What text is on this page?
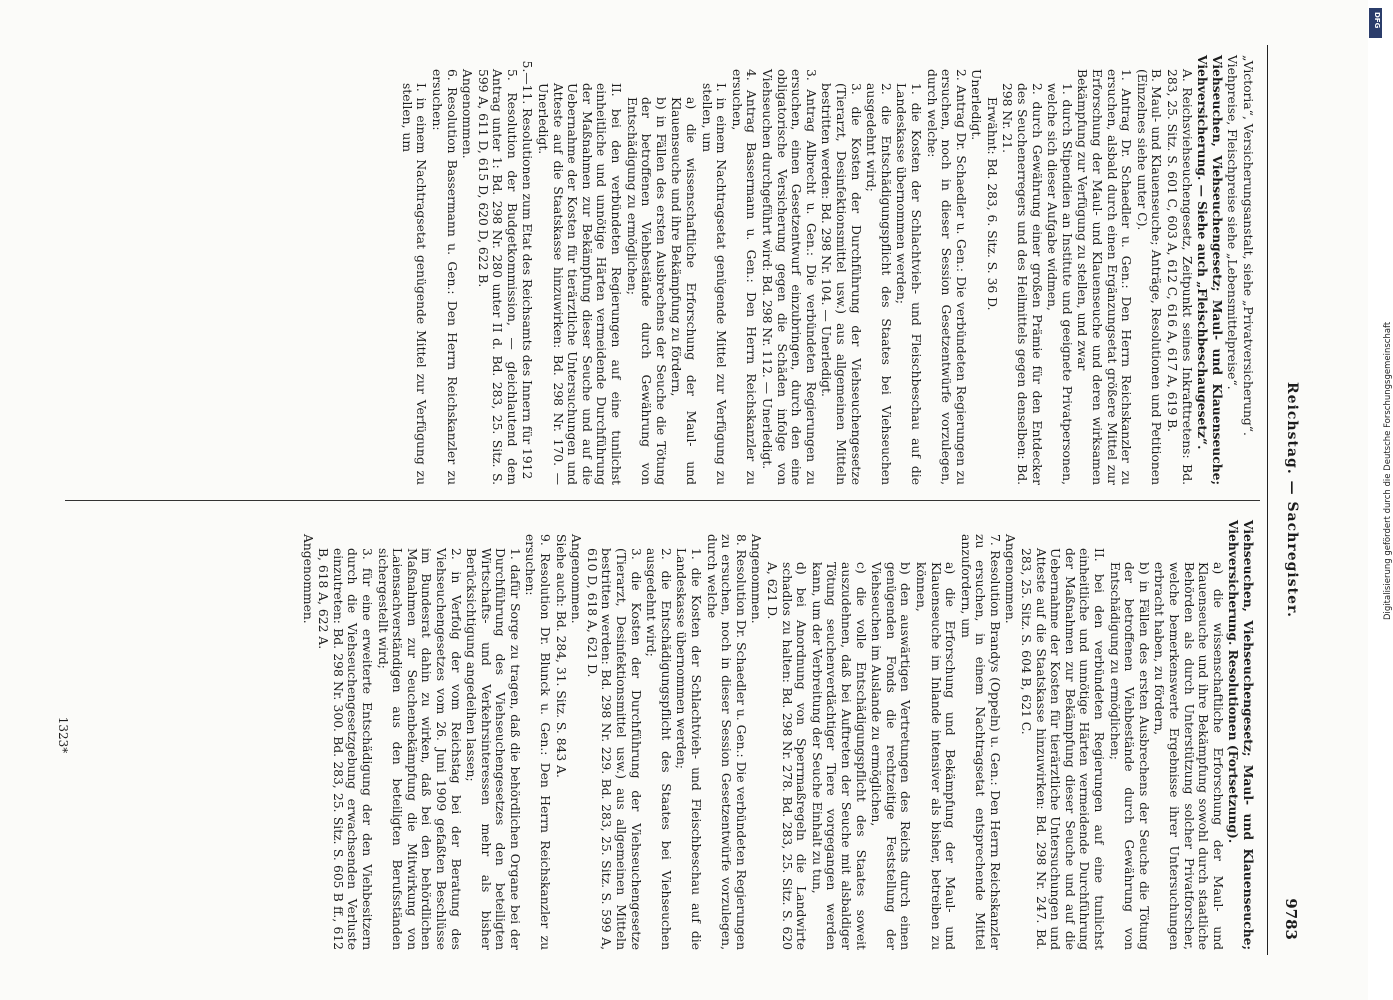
Reichstag. — Sachregister.
9783

„Victoria“, Versicherungsanstalt, siehe „Privatversicherung“.

Viehpreise, Fleischpreise siehe „Lebensmittelpreise“.

Viehseuchen, Viehseuchengesetz; Maul- und Klauenseuche; Viehversicherung. — Siehe auch „Fleischbeschaugesetz“.

A. Reichsviehseuchengesetz, Zeitpunkt seines Inkrafttretens: Bd. 283, 25. Sitz. S. 601 C, 603 A, 612 C, 616 A, 617 A, 619 B.

B. Maul- und Klauenseuche; Anträge, Resolutionen und Petitionen (Einzelnes siehe unter C).

1. Antrag Dr. Schaedler u. Gen.: Den Herrn Reichskanzler zu ersuchen, alsbald durch einen Ergänzungsetat größere Mittel zur Erforschung der Maul- und Klauenseuche und deren wirksamen Bekämpfung zur Verfügung zu stellen, und zwar

1. durch Stipendien an Institute und geeignete Privatpersonen, welche sich dieser Aufgabe widmen,

2. durch Gewährung einer großen Prämie für den Entdecker des Seuchenerregers und des Heilmittels gegen denselben: Bd. 298 Nr. 21.

Erwähnt: Bd. 283, 6. Sitz. S. 36 D.

Unerledigt.

2. Antrag Dr. Schaedler u. Gen.: Die verbündeten Regierungen zu ersuchen, noch in dieser Session Gesetzentwürfe vorzulegen, durch welche:

1. die Kosten der Schlachtvieh- und Fleischbeschau auf die Landeskasse übernommen werden;

2. die Entschädigungspflicht des Staates bei Viehseuchen ausgedehnt wird;

3. die Kosten der Durchführung der Viehseuchengesetze (Tierarzt, Desinfektionsmittel usw.) aus allgemeinen Mitteln bestritten werden: Bd. 298 Nr. 104. — Unerledigt.

3. Antrag Albrecht u. Gen.: Die verbündeten Regierungen zu ersuchen, einen Gesetzentwurf einzubringen, durch den eine obligatorische Versicherung gegen die Schäden infolge von Viehseuchen durchgeführt wird: Bd. 298 Nr. 112. — Unerledigt.

4. Antrag Bassermann u. Gen.: Den Herrn Reichskanzler zu ersuchen,

I. in einem Nachtragsetat genügende Mittel zur Verfügung zu stellen, um

a) die wissenschaftliche Erforschung der Maul- und Klauenseuche und ihre Bekämpfung zu fördern,

b) in Fällen des ersten Ausbrechens der Seuche die Tötung der betroffenen Viehbestände durch Gewährung von Entschädigung zu ermöglichen;

II. bei den verbündeten Regierungen auf eine tunlichst einheitliche und unnötige Härten vermeidende Durchführung der Maßnahmen zur Bekämpfung dieser Seuche und auf die Uebernahme der Kosten für tierärztliche Untersuchungen und Atteste auf die Staatskasse hinzuwirken: Bd. 298 Nr. 170. — Unerledigt.

5.—11. Resolutionen zum Etat des Reichsamts des Innern für 1912

5. Resolution der Budgetkommission, — gleichlautend dem Antrag unter 1: Bd. 298 Nr. 280 unter II d. Bd. 283, 25. Sitz. S. 599 A, 611 D, 615 D, 620 D, 622 B.

Angenommen.

6. Resolution Bassermann u. Gen.: Den Herrn Reichskanzler zu ersuchen:

I. in einem Nachtragsetat genügende Mittel zur Verfügung zu stellen, um

Viehseuchen, Viehseuchengesetz; Maul- und Klauenseuche; Viehversicherung. Resolutionen (Fortsetzung).

a) die wissenschaftliche Erforschung der Maul- und Klauenseuche und ihre Bekämpfung sowohl durch staatliche Behörden als durch Unterstützung solcher Privatforscher, welche bemerkenswerte Ergebnisse ihrer Untersuchungen erbracht haben, zu fördern,

b) in Fällen des ersten Ausbrechens der Seuche die Tötung der betroffenen Viehbestände durch Gewährung von Entschädigung zu ermöglichen;

II. bei den verbündeten Regierungen auf eine tunlichst einheitliche und unnötige Härten vermeidende Durchführung der Maßnahmen zur Bekämpfung dieser Seuche und auf die Uebernahme der Kosten für tierärztliche Untersuchungen und Atteste auf die Staatskasse hinzuwirken: Bd. 298 Nr. 247. Bd. 283, 25. Sitz. S. 604 B, 621 C.

Angenommen.

7. Resolution Brandys (Oppeln) u. Gen.: Den Herrn Reichskanzler zu ersuchen, in einem Nachtragsetat entsprechende Mittel anzufordern, um

a) die Erforschung und Bekämpfung der Maul- und Klauenseuche im Inlande intensiver als bisher, betreiben zu können,

b) den auswärtigen Vertretungen des Reichs durch einen genügenden Fonds die rechtzeitige Feststellung der Viehseuchen im Auslande zu ermöglichen,

c) die volle Entschädigungspflicht des Staates soweit auszudehnen, daß bei Auftreten der Seuche mit alsbaldiger Tötung seuchenverdächtiger Tiere vorgegangen werden kann, um der Verbreitung der Seuche Einhalt zu tun,

d) bei Anordnung von Sperrmaßregeln die Landwirte schadlos zu halten: Bd. 298 Nr. 278. Bd. 283, 25. Sitz. S. 620 A, 621 D.

Angenommen.

8. Resolution Dr. Schaedler u. Gen.: Die verbündeten Regierungen zu ersuchen, noch in dieser Session Gesetzentwürfe vorzulegen, durch welche

1. die Kosten der Schlachtvieh- und Fleischbeschau auf die Landeskasse übernommen werden;

2. die Entschädigungspflicht des Staates bei Viehseuchen ausgedehnt wird;

3. die Kosten der Durchführung der Viehseuchengesetze (Tierarzt, Desinfektionsmittel usw.) aus allgemeinen Mitteln bestritten werden: Bd. 298 Nr. 229. Bd. 283, 25. Sitz. S. 599 A, 610 D, 618 A, 621 D.

Angenommen.

Siehe auch: Bd. 284, 31. Sitz. S. 843 A.

9. Resolution Dr. Blunck u. Gen.: Den Herrn Reichskanzler zu ersuchen:

1. dafür Sorge zu tragen, daß die behördlichen Organe bei der Durchführung des Viehseuchengesetzes den beteiligten Wirtschafts- und Verkehrsinteressen mehr als bisher Berücksichtigung angedeihen lassen;

2. in Verfolg der vom Reichstag bei der Beratung des Viehseuchengesetzes vom 26. Juni 1909 gefaßten Beschlüsse im Bundesrat dahin zu wirken, daß bei den behördlichen Maßnahmen zur Seuchenbekämpfung die Mitwirkung von Laiensachverständigen aus den beteiligten Berufsständen sichergestellt wird;

3. für eine erweiterte Entschädigung der den Viehbesitzern durch die Viehseuchengesetzgebung erwachsenden Verluste einzutreten: Bd. 298 Nr. 300. Bd. 283, 25. Sitz. S. 605 B ff., 612 B, 618 A, 622 A.

Angenommen.

1323*
Digitalisierung gefördert durch die Deutsche Forschungsgemeinschaft
DFG
